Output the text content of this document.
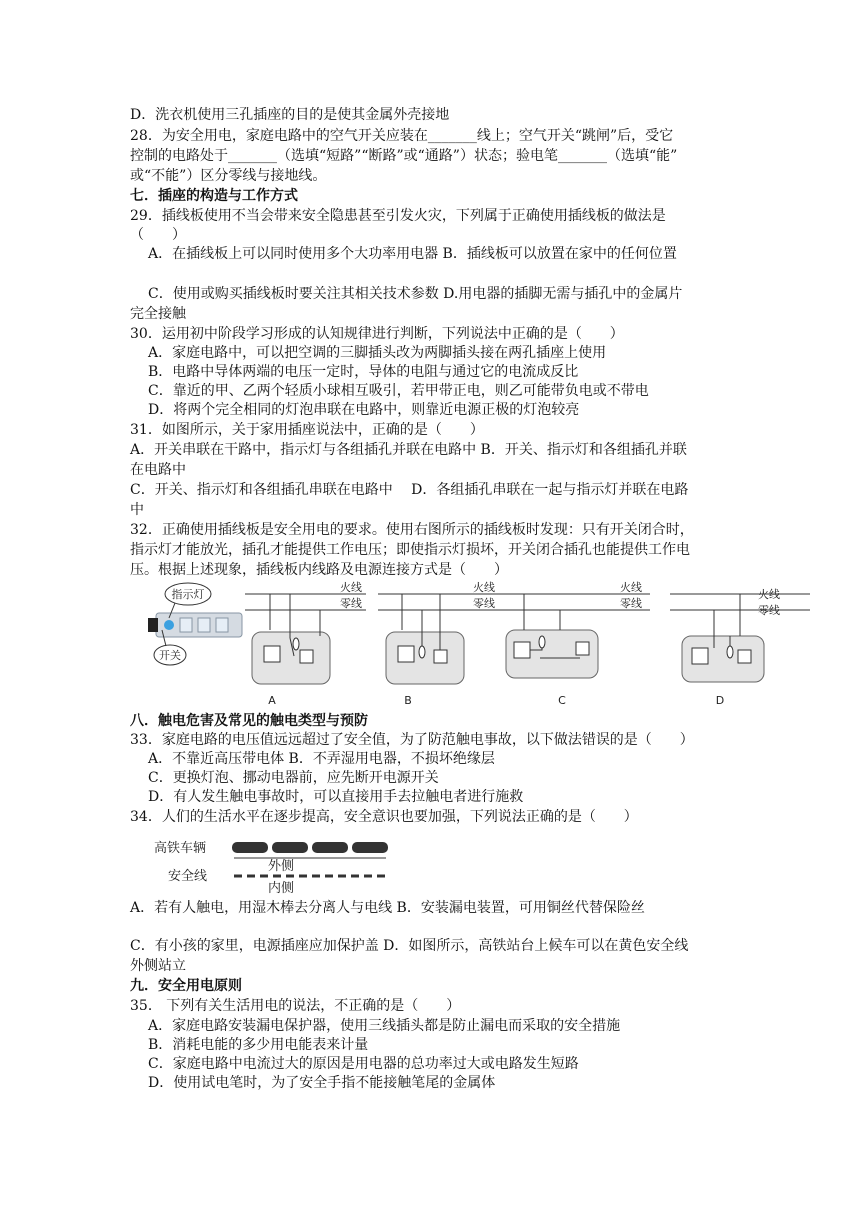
D．洗衣机使用三孔插座的目的是使其金属外壳接地
28．为安全用电，家庭电路中的空气开关应装在_______线上；空气开关“跳闸”后，受它
控制的电路处于_______（选填“短路”“断路”或“通路”）状态；验电笔_______（选填“能”
或“不能”）区分零线与接地线。
七．插座的构造与工作方式
29．插线板使用不当会带来安全隐患甚至引发火灾，下列属于正确使用插线板的做法是
（　　）
A．在插线板上可以同时使用多个大功率用电器 B．插线板可以放置在家中的任何位置
C．使用或购买插线板时要关注其相关技术参数 D.用电器的插脚无需与插孔中的金属片
完全接触
30．运用初中阶段学习形成的认知规律进行判断，下列说法中正确的是（　　）
A．家庭电路中，可以把空调的三脚插头改为两脚插头接在两孔插座上使用
B．电路中导体两端的电压一定时，导体的电阻与通过它的电流成反比
C．靠近的甲、乙两个轻质小球相互吸引，若甲带正电，则乙可能带负电或不带电
D．将两个完全相同的灯泡串联在电路中，则靠近电源正极的灯泡较亮
31．如图所示，关于家用插座说法中，正确的是（　　）
A．开关串联在干路中，指示灯与各组插孔并联在电路中 B．开关、指示灯和各组插孔并联
在电路中
C．开关、指示灯和各组插孔串联在电路中　 D．各组插孔串联在一起与指示灯并联在电路
中
32．正确使用插线板是安全用电的要求。使用右图所示的插线板时发现：只有开关闭合时，
指示灯才能放光，插孔才能提供工作电压；即使指示灯损坏，开关闭合插孔也能提供工作电
压。根据上述现象，插线板内线路及电源连接方式是（　　）
指示灯
开关
火线
零线
A
火线
零线
B
火线
零线
C
火线
零线
D
八．触电危害及常见的触电类型与预防
33．家庭电路的电压值远远超过了安全值，为了防范触电事故，以下做法错误的是（　　）
A．不靠近高压带电体 B．不弄湿用电器，不损坏绝缘层
C．更换灯泡、挪动电器前，应先断开电源开关
D．有人发生触电事故时，可以直接用手去拉触电者进行施救
34．人们的生活水平在逐步提高，安全意识也要加强，下列说法正确的是（　　）
高铁车辆
外侧
安全线
内侧
A．若有人触电，用湿木棒去分离人与电线 B．安装漏电装置，可用铜丝代替保险丝
C．有小孩的家里，电源插座应加保护盖 D．如图所示，高铁站台上候车可以在黄色安全线
外侧站立
九．安全用电原则
35． 下列有关生活用电的说法，不正确的是（　　）
A．家庭电路安装漏电保护器，使用三线插头都是防止漏电而采取的安全措施
B．消耗电能的多少用电能表来计量
C．家庭电路中电流过大的原因是用电器的总功率过大或电路发生短路
D．使用试电笔时，为了安全手指不能接触笔尾的金属体
